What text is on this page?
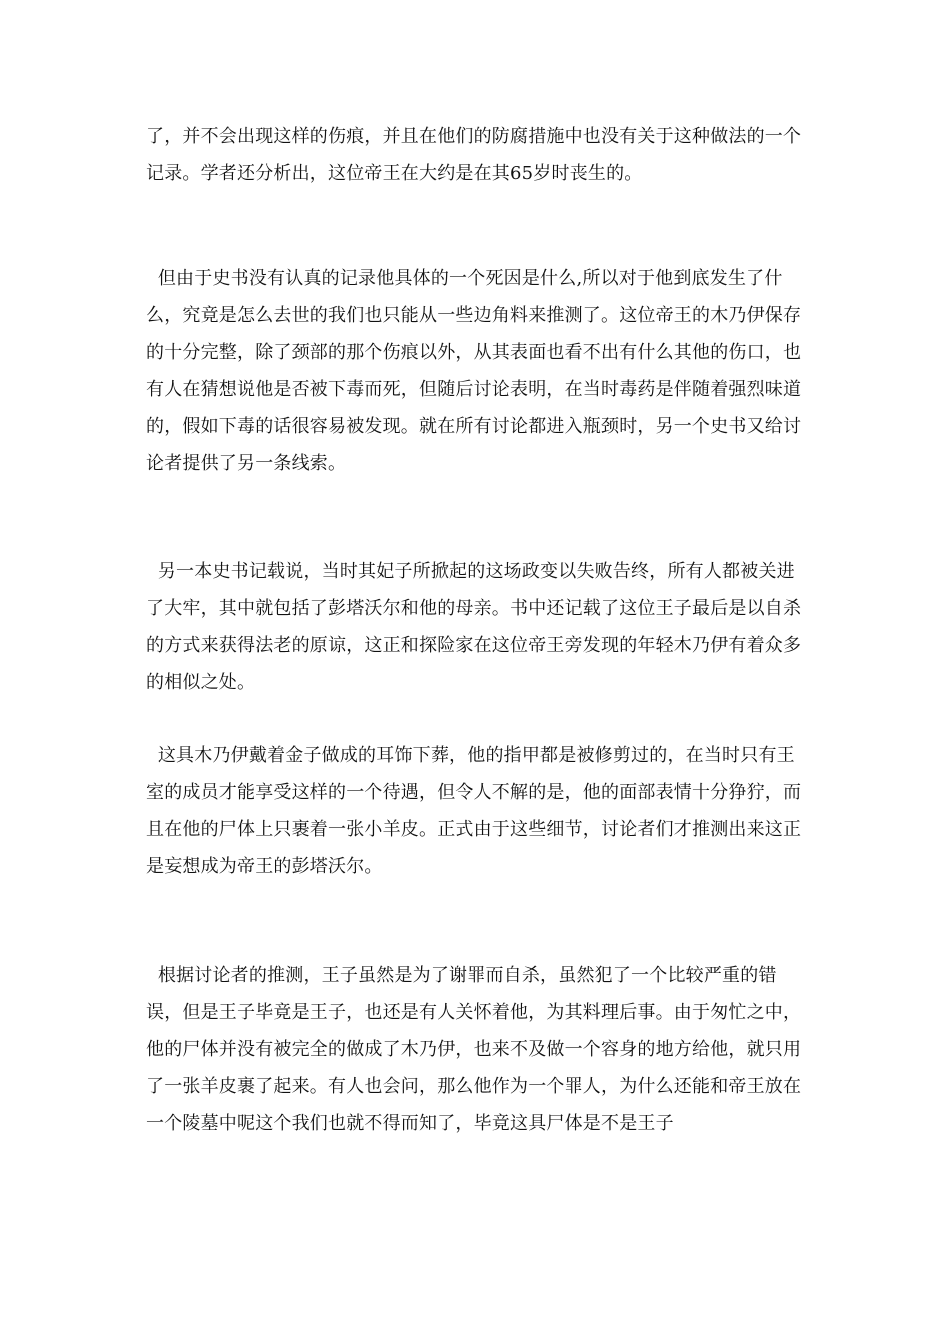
了，并不会出现这样的伤痕，并且在他们的防腐措施中也没有关于这种做法的一个记录。学者还分析出，这位帝王在大约是在其65岁时丧生的。

但由于史书没有认真的记录他具体的一个死因是什么,所以对于他到底发生了什么，究竟是怎么去世的我们也只能从一些边角料来推测了。这位帝王的木乃伊保存的十分完整，除了颈部的那个伤痕以外，从其表面也看不出有什么其他的伤口，也有人在猜想说他是否被下毒而死，但随后讨论表明，在当时毒药是伴随着强烈味道的，假如下毒的话很容易被发现。就在所有讨论都进入瓶颈时，另一个史书又给讨论者提供了另一条线索。

另一本史书记载说，当时其妃子所掀起的这场政变以失败告终，所有人都被关进了大牢，其中就包括了彭塔沃尔和他的母亲。书中还记载了这位王子最后是以自杀的方式来获得法老的原谅，这正和探险家在这位帝王旁发现的年轻木乃伊有着众多的相似之处。

这具木乃伊戴着金子做成的耳饰下葬，他的指甲都是被修剪过的，在当时只有王室的成员才能享受这样的一个待遇，但令人不解的是，他的面部表情十分狰狞，而且在他的尸体上只裹着一张小羊皮。正式由于这些细节，讨论者们才推测出来这正是妄想成为帝王的彭塔沃尔。

根据讨论者的推测，王子虽然是为了谢罪而自杀，虽然犯了一个比较严重的错误，但是王子毕竟是王子，也还是有人关怀着他，为其料理后事。由于匆忙之中，他的尸体并没有被完全的做成了木乃伊，也来不及做一个容身的地方给他，就只用了一张羊皮裹了起来。有人也会问，那么他作为一个罪人，为什么还能和帝王放在一个陵墓中呢这个我们也就不得而知了，毕竟这具尸体是不是王子
